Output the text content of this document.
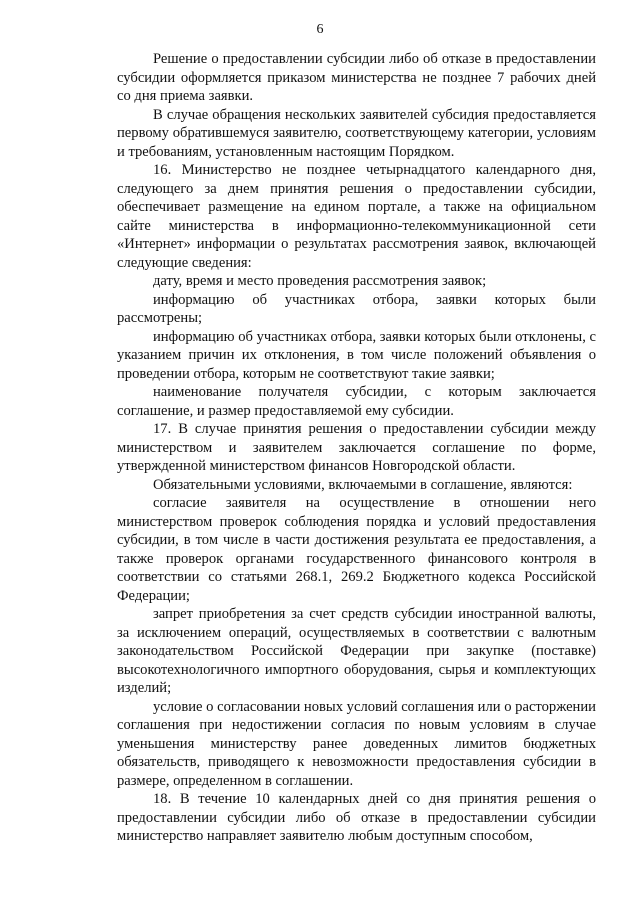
6

Решение о предоставлении субсидии либо об отказе в предоставлении субсидии оформляется приказом министерства не позднее 7 рабочих дней со дня приема заявки.

В случае обращения нескольких заявителей субсидия предоставляется первому обратившемуся заявителю, соответствующему категории, условиям и требованиям, установленным настоящим Порядком.

16. Министерство не позднее четырнадцатого календарного дня, следующего за днем принятия решения о предоставлении субсидии, обеспечивает размещение на едином портале, а также на официальном сайте министерства в информационно-телекоммуникационной сети «Интернет» информации о результатах рассмотрения заявок, включающей следующие сведения:

дату, время и место проведения рассмотрения заявок;

информацию об участниках отбора, заявки которых были рассмотрены;

информацию об участниках отбора, заявки которых были отклонены, с указанием причин их отклонения, в том числе положений объявления о проведении отбора, которым не соответствуют такие заявки;

наименование получателя субсидии, с которым заключается соглашение, и размер предоставляемой ему субсидии.

17. В случае принятия решения о предоставлении субсидии между министерством и заявителем заключается соглашение по форме, утвержденной министерством финансов Новгородской области.

Обязательными условиями, включаемыми в соглашение, являются:

согласие заявителя на осуществление в отношении него министерством проверок соблюдения порядка и условий предоставления субсидии, в том числе в части достижения результата ее предоставления, а также проверок органами государственного финансового контроля в соответствии со статьями 268.1, 269.2 Бюджетного кодекса Российской Федерации;

запрет приобретения за счет средств субсидии иностранной валюты, за исключением операций, осуществляемых в соответствии с валютным законодательством Российской Федерации при закупке (поставке) высокотехнологичного импортного оборудования, сырья и комплектующих изделий;

условие о согласовании новых условий соглашения или о расторжении соглашения при недостижении согласия по новым условиям в случае уменьшения министерству ранее доведенных лимитов бюджетных обязательств, приводящего к невозможности предоставления субсидии в размере, определенном в соглашении.

18. В течение 10 календарных дней со дня принятия решения о предоставлении субсидии либо об отказе в предоставлении субсидии министерство направляет заявителю любым доступным способом,
